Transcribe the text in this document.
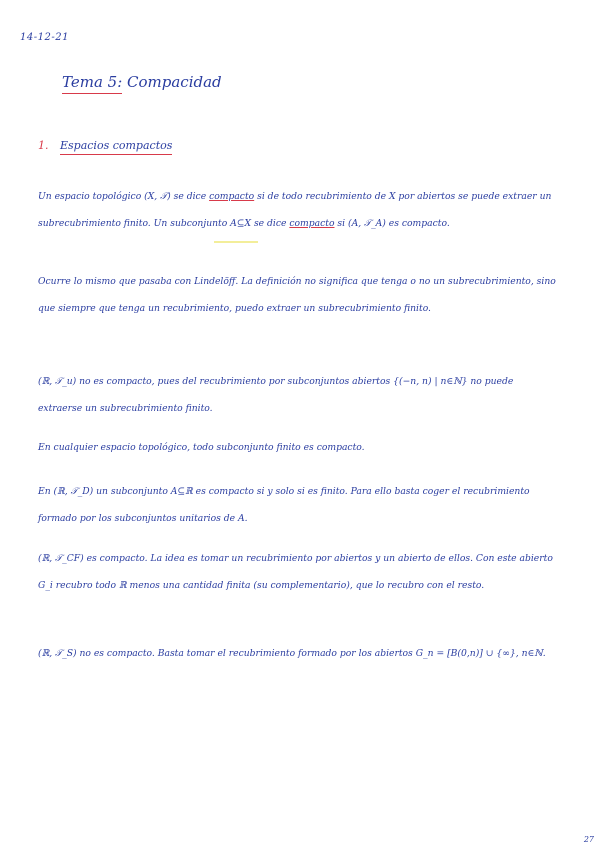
14-12-21
Tema 5: Compacidad
1. Espacios compactos
Un espacio topológico (X, 𝒯) se dice compacto si de todo recubrimiento de X por abiertos se puede extraer un subrecubrimiento finito. Un subconjunto A⊆X se dice compacto si (A, 𝒯_A) es compacto.
Ocurre lo mismo que pasaba con Lindelöff. La definición no significa que tenga o no un subrecubrimiento, sino que siempre que tenga un recubrimiento, puedo extraer un subrecubrimiento finito.
(ℝ, 𝒯_u) no es compacto, pues del recubrimiento por subconjuntos abiertos {(−n, n) | n∈ℕ} no puede extraerse un subrecubrimiento finito.
En cualquier espacio topológico, todo subconjunto finito es compacto.
En (ℝ, 𝒯_D) un subconjunto A⊆ℝ es compacto si y solo si es finito. Para ello basta coger el recubrimiento formado por los subconjuntos unitarios de A.
(ℝ, 𝒯_CF) es compacto. La idea es tomar un recubrimiento por abiertos y un abierto de ellos. Con este abierto G_i recubro todo ℝ menos una cantidad finita (su complementario), que lo recubro con el resto.
(ℝ, 𝒯_S) no es compacto. Basta tomar el recubrimiento formado por los abiertos G_n = [B(0,n)] ∪ {∞}, n∈ℕ.
27
